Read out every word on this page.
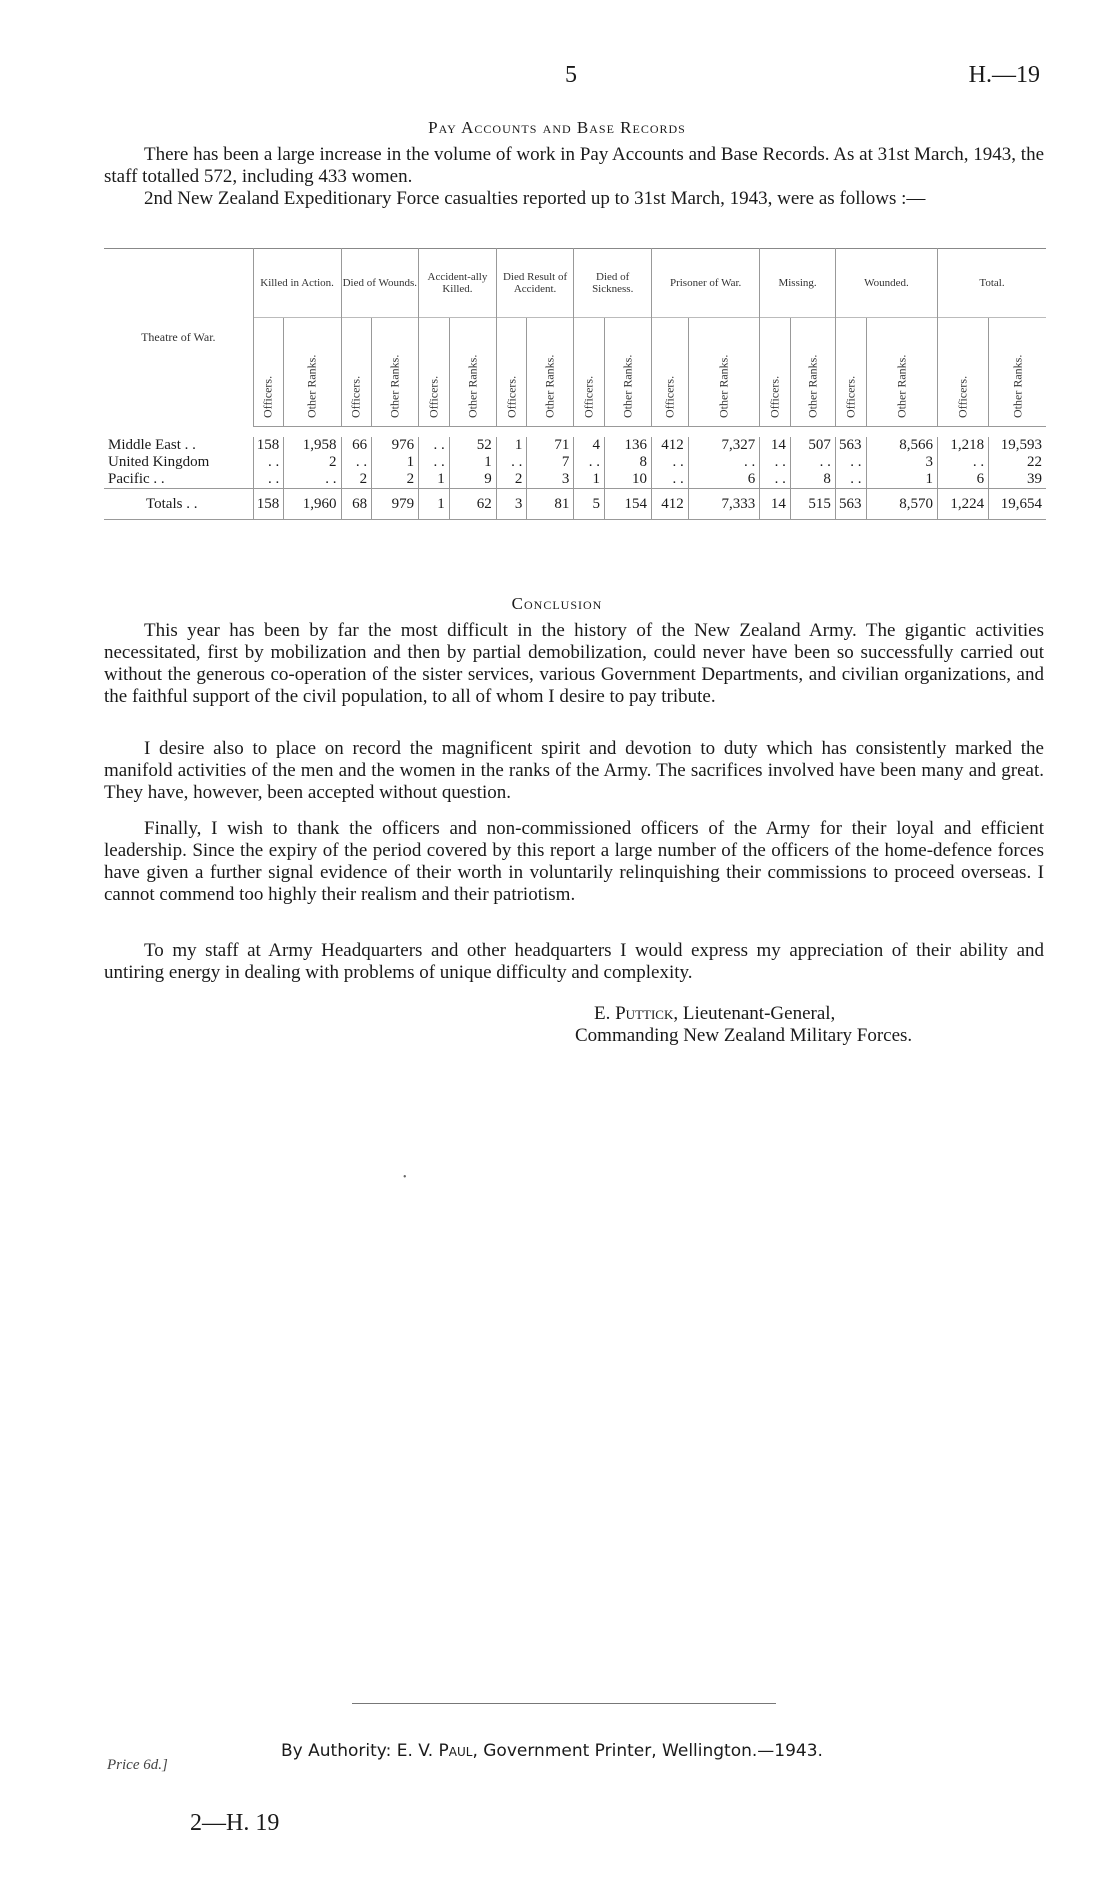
5	H.—19
Pay Accounts and Base Records
There has been a large increase in the volume of work in Pay Accounts and Base Records. As at 31st March, 1943, the staff totalled 572, including 433 women.
2nd New Zealand Expeditionary Force casualties reported up to 31st March, 1943, were as follows :—
Theatre of War.	Killed in Action.		Died of Wounds.		Accident-ally Killed.		Died Result of Accident.		Died of Sickness.		Prisoner of War.		Missing.		Wounded.		Total.	

	Officers.	Other Ranks.	Officers.	Other Ranks.	Officers.	Other Ranks.	Officers.	Other Ranks.	Officers.	Other Ranks.	Officers.	Other Ranks.	Officers.	Other Ranks.	Officers.	Other Ranks.	Officers.	Other Ranks.

Middle East . .	158	1,958	66	976	. .	52	1	71	4	136	412	7,327	14	507	563	8,566	1,218	19,593
United Kingdom	. .	2	. .	1	. .	1	. .	7	. .	8	. .	. .	. .	. .	. .	3	. .	22
Pacific . .	. .	. .	2	2	1	9	2	3	1	10	. .	6	. .	8	. .	1	6	39
Totals . .	158	1,960	68	979	1	62	3	81	5	154	412	7,333	14	515	563	8,570	1,224	19,654
Conclusion
This year has been by far the most difficult in the history of the New Zealand Army. The gigantic activities necessitated, first by mobilization and then by partial demobilization, could never have been so successfully carried out without the generous co-operation of the sister services, various Government Departments, and civilian organizations, and the faithful support of the civil population, to all of whom I desire to pay tribute.
I desire also to place on record the magnificent spirit and devotion to duty which has consistently marked the manifold activities of the men and the women in the ranks of the Army. The sacrifices involved have been many and great. They have, however, been accepted without question.
Finally, I wish to thank the officers and non-commissioned officers of the Army for their loyal and efficient leadership. Since the expiry of the period covered by this report a large number of the officers of the home-defence forces have given a further signal evidence of their worth in voluntarily relinquishing their commissions to proceed overseas. I cannot commend too highly their realism and their patriotism.
To my staff at Army Headquarters and other headquarters I would express my appreciation of their ability and untiring energy in dealing with problems of unique difficulty and complexity.
E. Puttick, Lieutenant-General,
Commanding New Zealand Military Forces.
•
By Authority: E. V. Paul, Government Printer, Wellington.—1943.
Price 6d.]
2—H. 19
